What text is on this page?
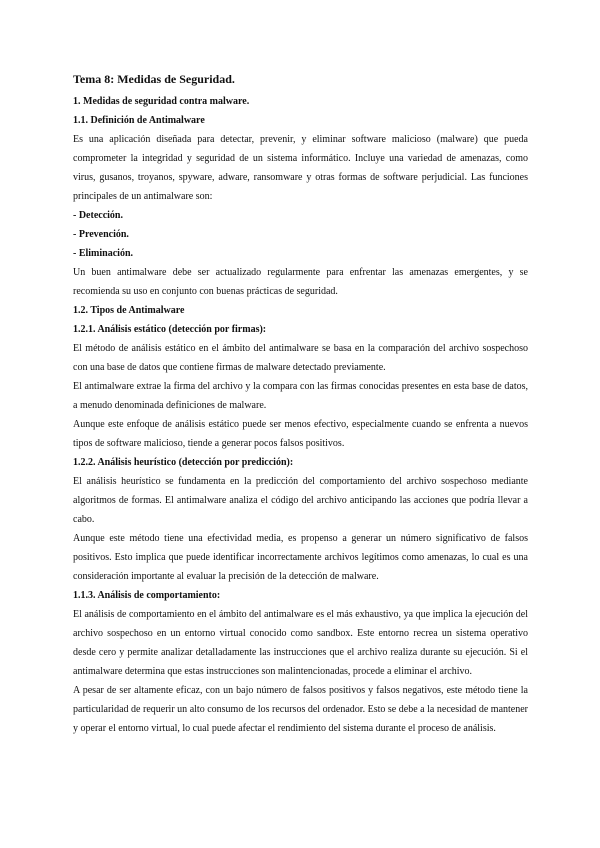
Tema 8: Medidas de Seguridad.
1. Medidas de seguridad contra malware.
1.1. Definición de Antimalware

Es una aplicación diseñada para detectar, prevenir, y eliminar software malicioso (malware) que pueda comprometer la integridad y seguridad de un sistema informático. Incluye una variedad de amenazas, como virus, gusanos, troyanos, spyware, adware, ransomware y otras formas de software perjudicial. Las funciones principales de un antimalware son:

- Detección.
- Prevención.
- Eliminación.

Un buen antimalware debe ser actualizado regularmente para enfrentar las amenazas emergentes, y se recomienda su uso en conjunto con buenas prácticas de seguridad.

1.2. Tipos de Antimalware
1.2.1. Análisis estático (detección por firmas):

El método de análisis estático en el ámbito del antimalware se basa en la comparación del archivo sospechoso con una base de datos que contiene firmas de malware detectado previamente.

El antimalware extrae la firma del archivo y la compara con las firmas conocidas presentes en esta base de datos, a menudo denominada definiciones de malware.

Aunque este enfoque de análisis estático puede ser menos efectivo, especialmente cuando se enfrenta a nuevos tipos de software malicioso, tiende a generar pocos falsos positivos.

1.2.2. Análisis heurístico (detección por predicción):

El análisis heurístico se fundamenta en la predicción del comportamiento del archivo sospechoso mediante algoritmos de formas. El antimalware analiza el código del archivo anticipando las acciones que podría llevar a cabo.

Aunque este método tiene una efectividad media, es propenso a generar un número significativo de falsos positivos. Esto implica que puede identificar incorrectamente archivos legítimos como amenazas, lo cual es una consideración importante al evaluar la precisión de la detección de malware.

1.1.3. Análisis de comportamiento:

El análisis de comportamiento en el ámbito del antimalware es el más exhaustivo, ya que implica la ejecución del archivo sospechoso en un entorno virtual conocido como sandbox. Este entorno recrea un sistema operativo desde cero y permite analizar detalladamente las instrucciones que el archivo realiza durante su ejecución. Si el antimalware determina que estas instrucciones son malintencionadas, procede a eliminar el archivo.

A pesar de ser altamente eficaz, con un bajo número de falsos positivos y falsos negativos, este método tiene la particularidad de requerir un alto consumo de los recursos del ordenador. Esto se debe a la necesidad de mantener y operar el entorno virtual, lo cual puede afectar el rendimiento del sistema durante el proceso de análisis.
